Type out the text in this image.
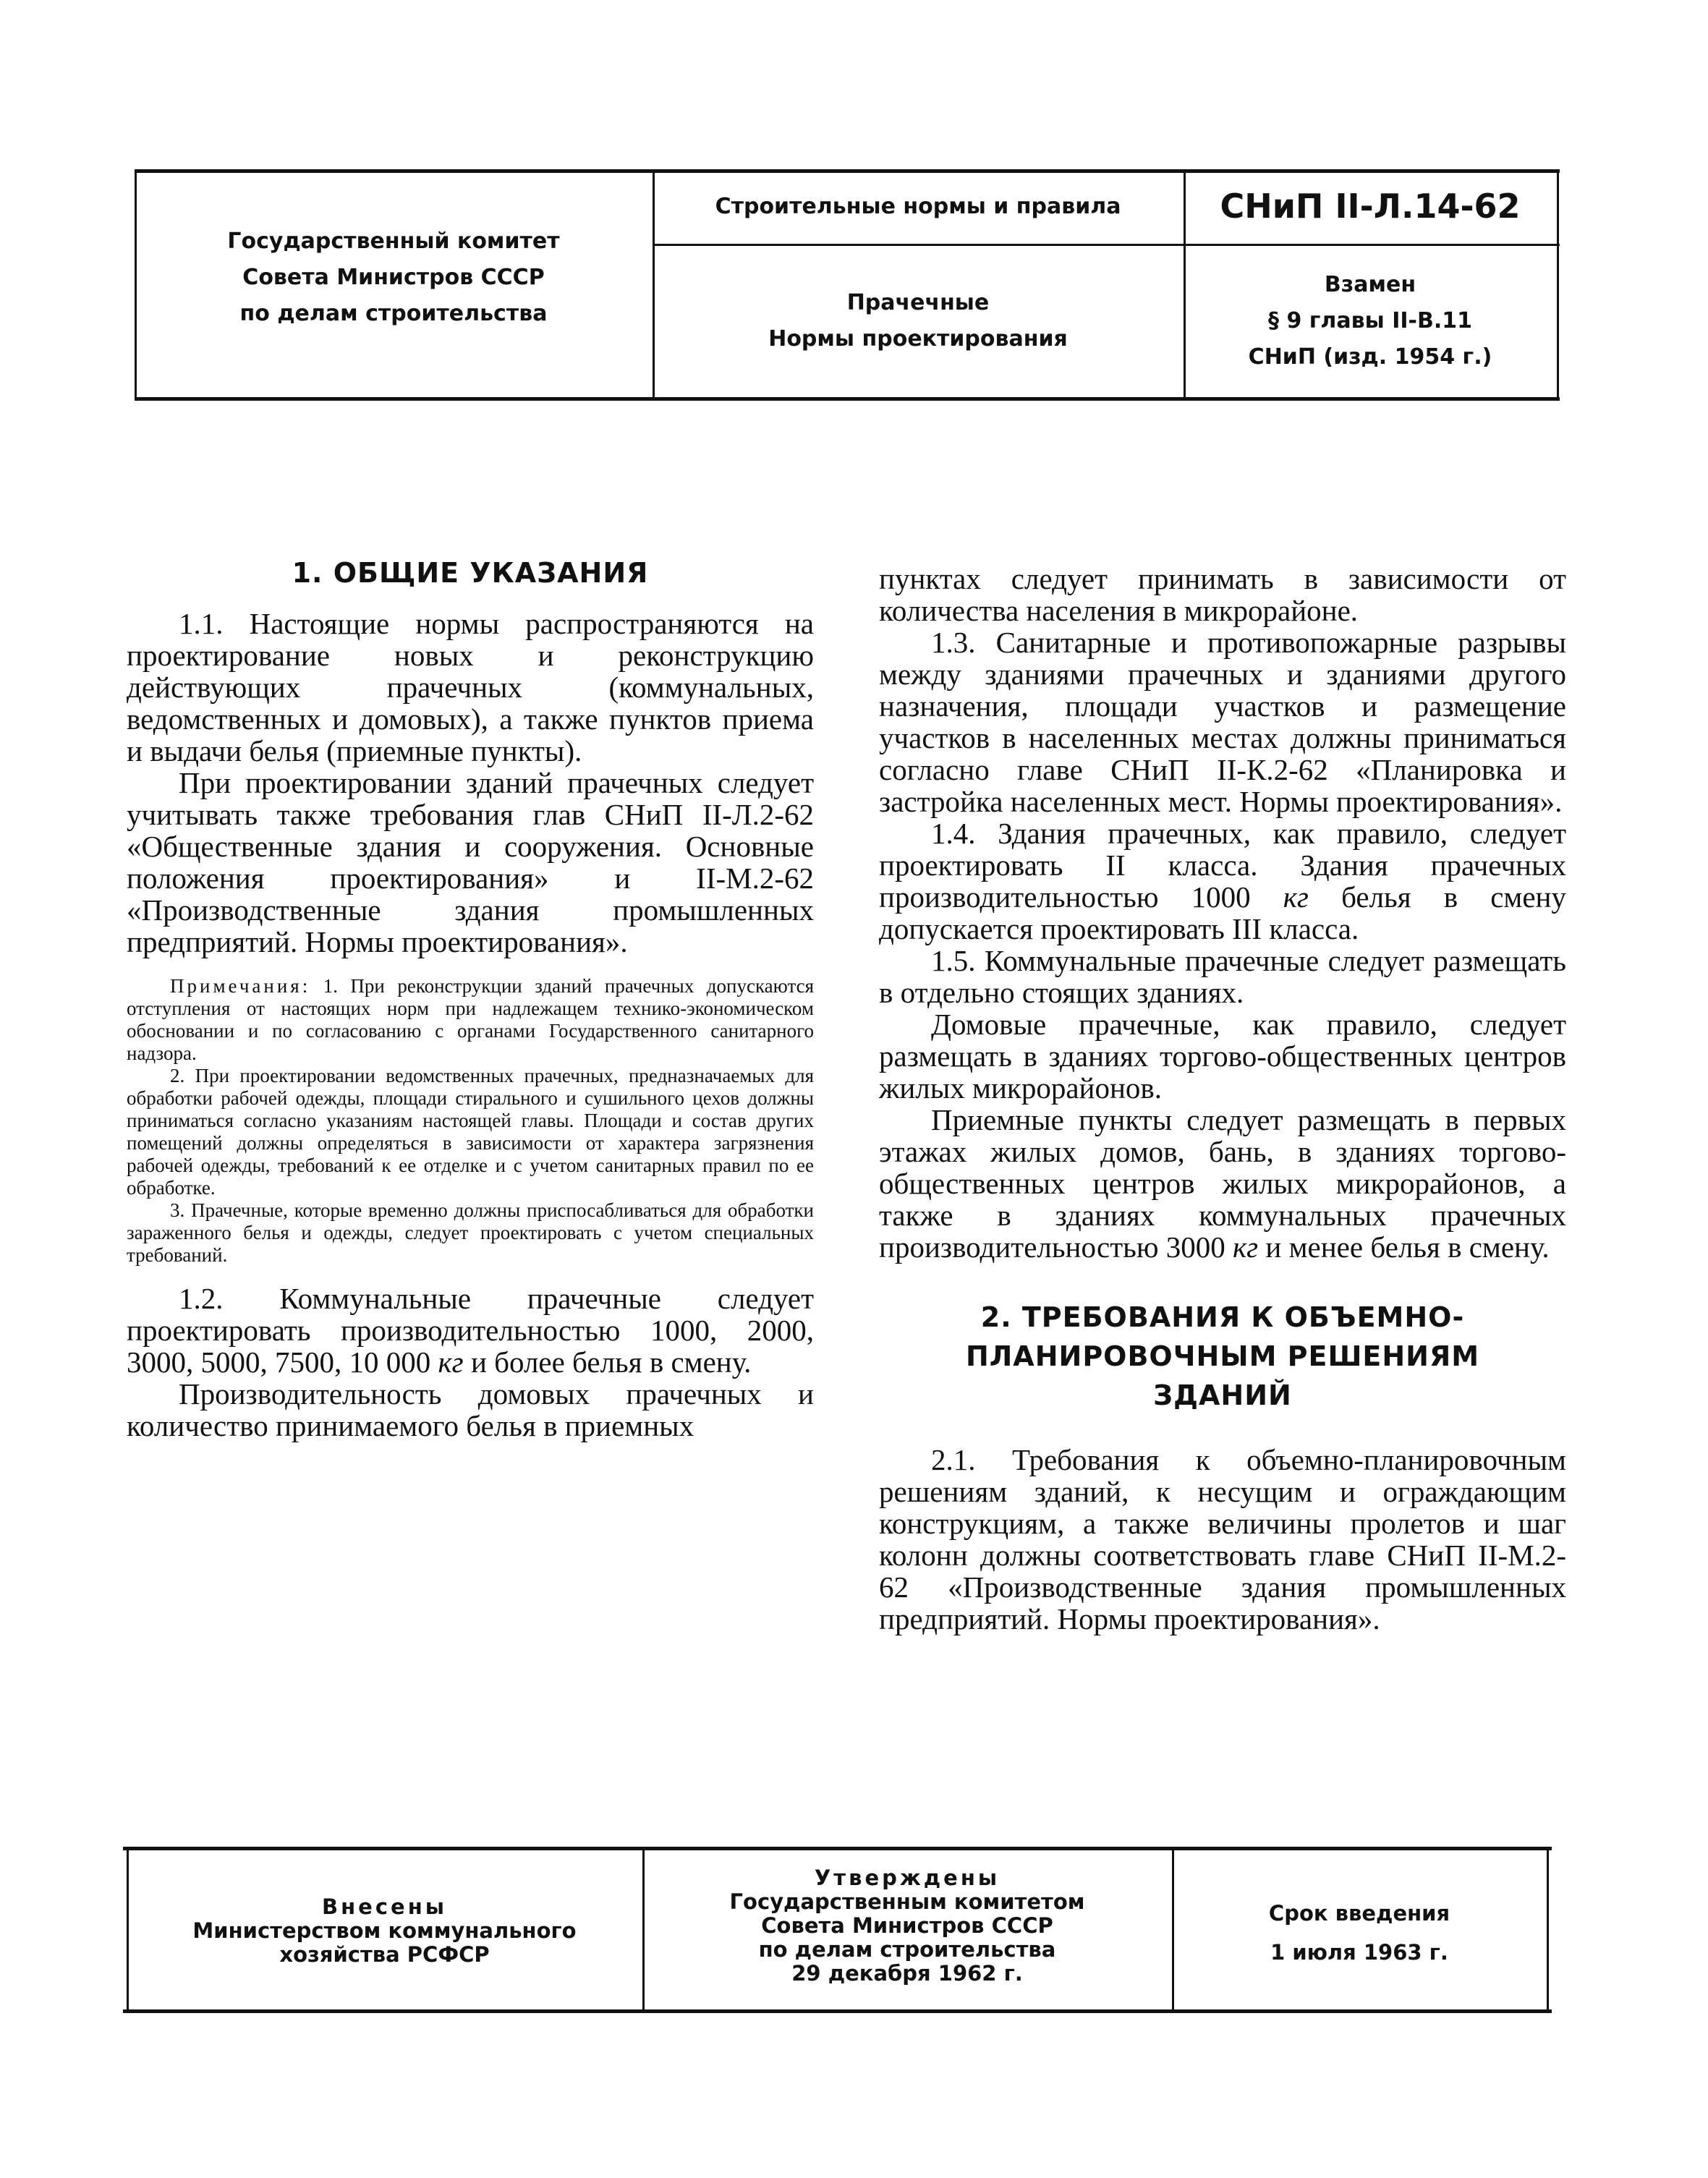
Государственный комитет
Совета Министров СССР
по делам строительства
Строительные нормы и правила
Прачечные
Нормы проектирования
СНиП II-Л.14-62
Взамен
§ 9 главы II-В.11
СНиП (изд. 1954 г.)
1. ОБЩИЕ УКАЗАНИЯ

1.1. Настоящие нормы распространяются на проектирование новых и реконструкцию действующих прачечных (коммунальных, ведомственных и домовых), а также пунктов приема и выдачи белья (приемные пункты).

При проектировании зданий прачечных следует учитывать также требования глав СНиП II-Л.2-62 «Общественные здания и сооружения. Основные положения проектирования» и II-М.2-62 «Производственные здания промышленных предприятий. Нормы проектирования».

Примечания: 1. При реконструкции зданий прачечных допускаются отступления от настоящих норм при надлежащем технико-экономическом обосновании и по согласованию с органами Государственного санитарного надзора.

2. При проектировании ведомственных прачечных, предназначаемых для обработки рабочей одежды, площади стирального и сушильного цехов должны приниматься согласно указаниям настоящей главы. Площади и состав других помещений должны определяться в зависимости от характера загрязнения рабочей одежды, требований к ее отделке и с учетом санитарных правил по ее обработке.

3. Прачечные, которые временно должны приспосабливаться для обработки зараженного белья и одежды, следует проектировать с учетом специальных требований.

1.2. Коммунальные прачечные следует проектировать производительностью 1000, 2000, 3000, 5000, 7500, 10 000 кг и более белья в смену.

Производительность домовых прачечных и количество принимаемого белья в приемных

пунктах следует принимать в зависимости от количества населения в микрорайоне.

1.3. Санитарные и противопожарные разрывы между зданиями прачечных и зданиями другого назначения, площади участков и размещение участков в населенных местах должны приниматься согласно главе СНиП II-К.2-62 «Планировка и застройка населенных мест. Нормы проектирования».

1.4. Здания прачечных, как правило, следует проектировать II класса. Здания прачечных производительностью 1000 кг белья в смену допускается проектировать III класса.

1.5. Коммунальные прачечные следует размещать в отдельно стоящих зданиях.

Домовые прачечные, как правило, следует размещать в зданиях торгово-общественных центров жилых микрорайонов.

Приемные пункты следует размещать в первых этажах жилых домов, бань, в зданиях торгово-общественных центров жилых микрорайонов, а также в зданиях коммунальных прачечных производительностью 3000 кг и менее белья в смену.

2. ТРЕБОВАНИЯ К ОБЪЕМНО-ПЛАНИРОВОЧНЫМ РЕШЕНИЯМ ЗДАНИЙ

2.1. Требования к объемно-планировочным решениям зданий, к несущим и ограждающим конструкциям, а также величины пролетов и шаг колонн должны соответствовать главе СНиП II-М.2-62 «Производственные здания промышленных предприятий. Нормы проектирования».

Внесены
Министерством коммунального
хозяйства РСФСР
Утверждены
Государственным комитетом
Совета Министров СССР
по делам строительства
29 декабря 1962 г.
Срок введения
1 июля 1963 г.
